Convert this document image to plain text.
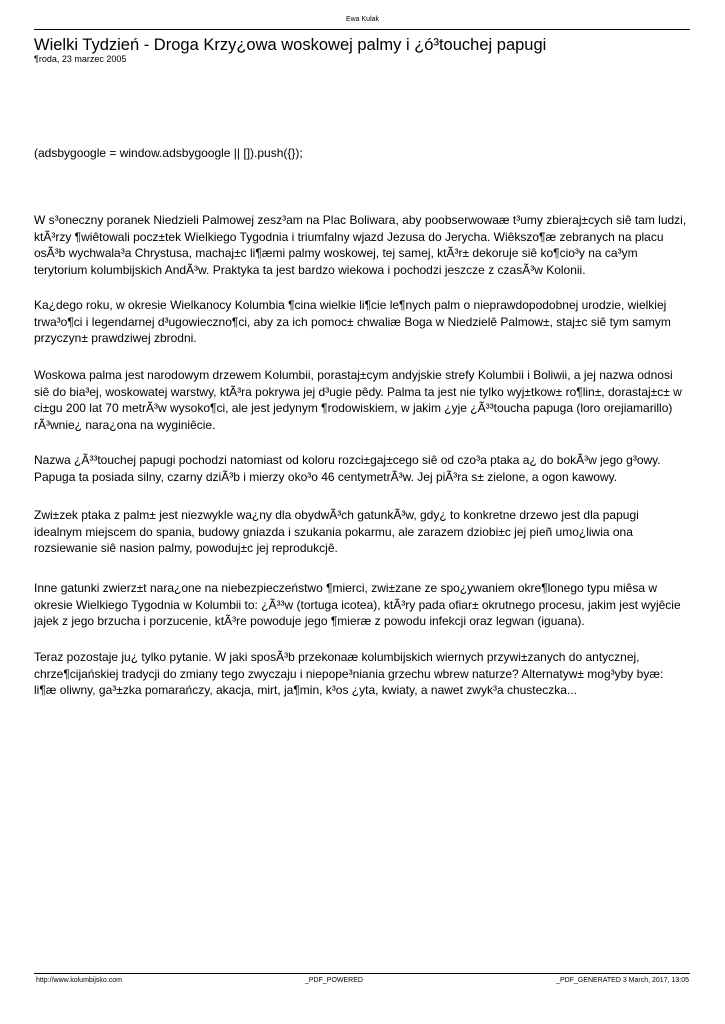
Ewa Kulak
Wielki Tydzień - Droga Krzy¿owa woskowej palmy i ¿ó³touchej papugi
¶roda, 23 marzec 2005
(adsbygoogle = window.adsbygoogle || []).push({});

W s³oneczny poranek Niedzieli Palmowej zesz³am na Plac Boliwara, aby poobserwowaæ t³umy zbieraj±cych siê tam ludzi, ktÃ³rzy ¶wiêtowali pocz±tek Wielkiego Tygodnia i triumfalny wjazd Jezusa do Jerycha. Wiêkszo¶æ zebranych na placu osÃ³b wychwala³a Chrystusa, machaj±c li¶æmi palmy woskowej, tej samej, ktÃ³r± dekoruje siê ko¶cio³y na ca³ym terytorium kolumbijskich AndÃ³w. Praktyka ta jest bardzo wiekowa i pochodzi jeszcze z czasÃ³w Kolonii.

Ka¿dego roku, w okresie Wielkanocy Kolumbia ¶cina wielkie li¶cie le¶nych palm o nieprawdopodobnej urodzie, wielkiej trwa³o¶ci i legendarnej d³ugowieczno¶ci, aby za ich pomoc± chwaliæ Boga w Niedzielê Palmow±, staj±c siê tym samym przyczyn± prawdziwej zbrodni.

Woskowa palma jest narodowym drzewem Kolumbii, porastaj±cym andyjskie strefy Kolumbii i Boliwii, a jej nazwa odnosi siê do bia³ej, woskowatej warstwy, ktÃ³ra pokrywa jej d³ugie pêdy. Palma ta jest nie tylko wyj±tkow± ro¶lin±, dorastaj±c± w ci±gu 200 lat 70 metrÃ³w wysoko¶ci, ale jest jedynym ¶rodowiskiem, w jakim ¿yje ¿Ã³³toucha papuga (loro orejiamarillo) rÃ³wnie¿ nara¿ona na wyginiêcie.

Nazwa ¿Ã³³touchej papugi pochodzi natomiast od koloru rozci±gaj±cego siê od czo³a ptaka a¿ do bokÃ³w jego g³owy. Papuga ta posiada silny, czarny dziÃ³b i mierzy oko³o 46 centymetrÃ³w. Jej piÃ³ra s± zielone, a ogon kawowy.

Zwi±zek ptaka z palm± jest niezwykle wa¿ny dla obydwÃ³ch gatunkÃ³w, gdy¿ to konkretne drzewo jest dla papugi idealnym miejscem do spania, budowy gniazda i szukania pokarmu, ale zarazem dziobi±c jej pieñ umo¿liwia ona rozsiewanie siê nasion palmy, powoduj±c jej reprodukcjê.

Inne gatunki zwierz±t nara¿one na niebezpieczeństwo ¶mierci, zwi±zane ze spo¿ywaniem okre¶lonego typu miêsa w okresie Wielkiego Tygodnia w Kolumbii to: ¿Ã³³w (tortuga icotea), ktÃ³ry pada ofiar± okrutnego procesu, jakim jest wyjêcie jajek z jego brzucha i porzucenie, ktÃ³re powoduje jego ¶mieræ z powodu infekcji oraz legwan (iguana).

Teraz pozostaje ju¿ tylko pytanie. W jaki sposÃ³b przekonaæ kolumbijskich wiernych przywi±zanych do antycznej, chrze¶cijańskiej tradycji do zmiany tego zwyczaju i niepope³niania grzechu wbrew naturze? Alternatyw± mog³yby byæ: li¶æ oliwny, ga³±zka pomarańczy, akacja, mirt, ja¶min, k³os ¿yta, kwiaty, a nawet zwyk³a chusteczka...

http://www.kolumbijsko.com	_PDF_POWERED	_PDF_GENERATED 3 March, 2017, 13:05
